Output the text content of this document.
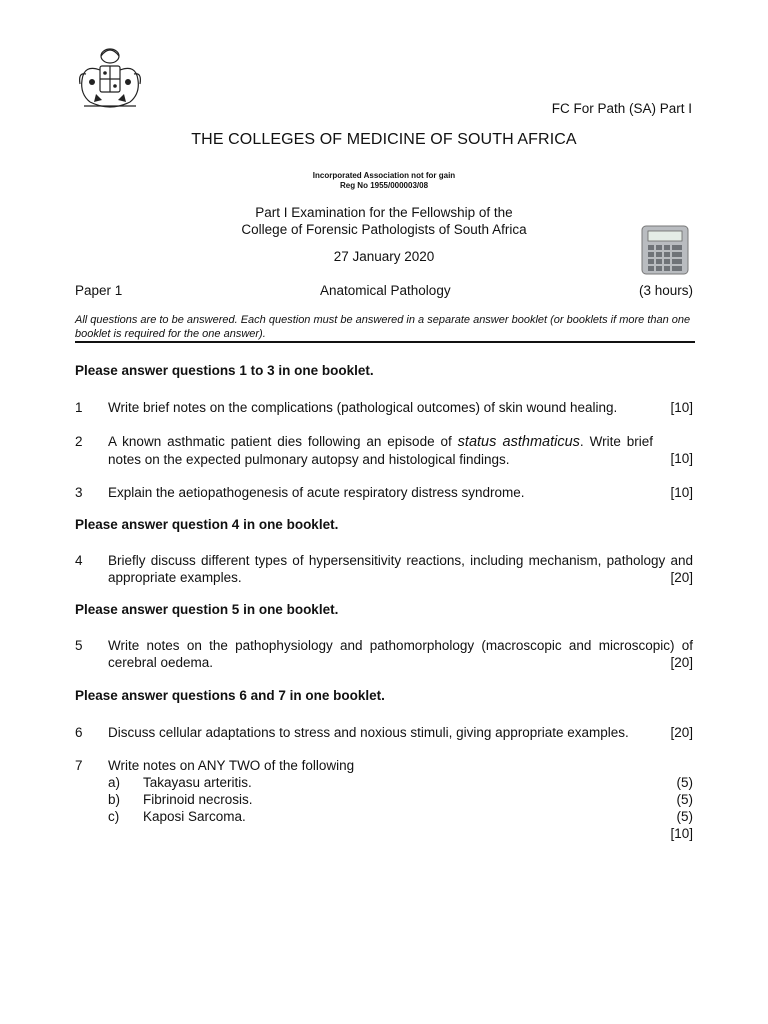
FC For Path (SA) Part I
THE COLLEGES OF MEDICINE OF SOUTH AFRICA
Incorporated Association not for gain
Reg No 1955/000003/08
Part I Examination for the Fellowship of the
College of Forensic Pathologists of South Africa
27 January 2020
Paper 1	Anatomical Pathology	(3 hours)
All questions are to be answered. Each question must be answered in a separate answer booklet (or booklets if more than one booklet is required for the one answer).
Please answer questions 1 to 3 in one booklet.
1 Write brief notes on the complications (pathological outcomes) of skin wound healing.	[10]
2 A known asthmatic patient dies following an episode of status asthmaticus. Write brief notes on the expected pulmonary autopsy and histological findings.	[10]
3 Explain the aetiopathogenesis of acute respiratory distress syndrome.	[10]
Please answer question 4 in one booklet.
4 Briefly discuss different types of hypersensitivity reactions, including mechanism, pathology and appropriate examples.	[20]
Please answer question 5 in one booklet.
5 Write notes on the pathophysiology and pathomorphology (macroscopic and microscopic) of cerebral oedema.	[20]
Please answer questions 6 and 7 in one booklet.
6 Discuss cellular adaptations to stress and noxious stimuli, giving appropriate examples.	[20]
7 Write notes on ANY TWO of the following
a) Takayasu arteritis.	(5)
b) Fibrinoid necrosis.	(5)
c) Kaposi Sarcoma.	(5)
[10]
